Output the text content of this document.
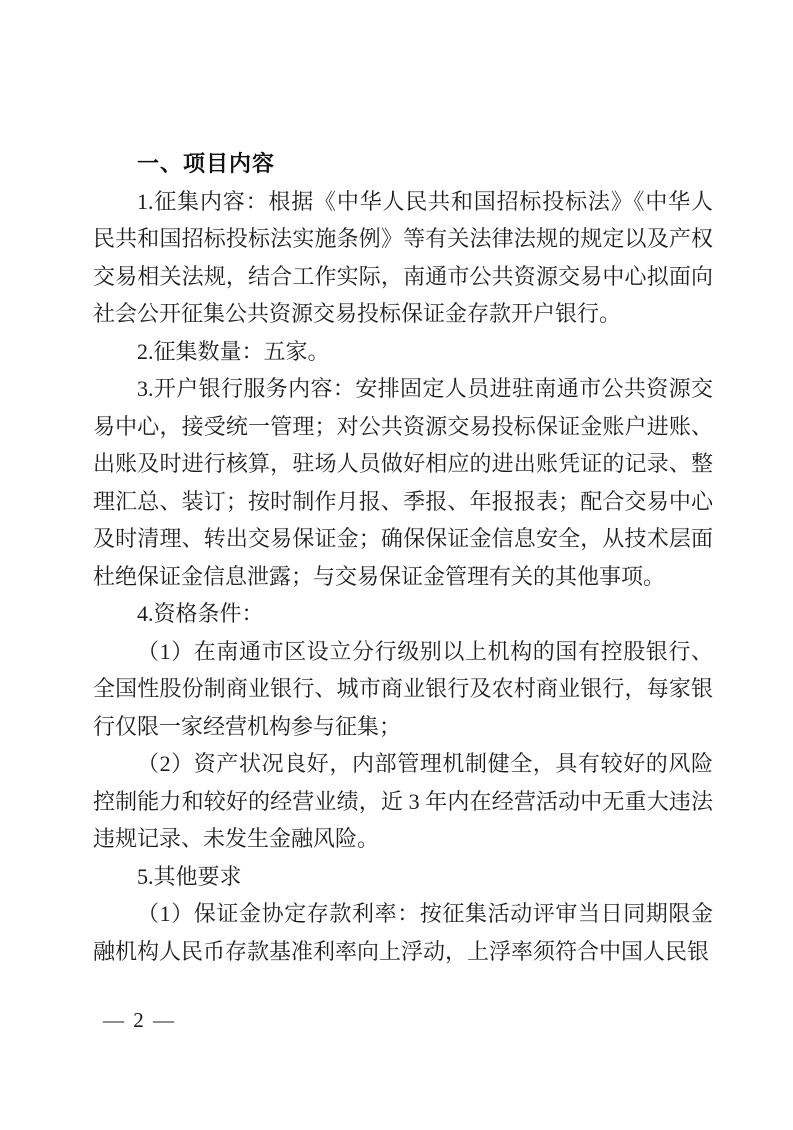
一、项目内容

1.征集内容：根据《中华人民共和国招标投标法》《中华人民共和国招标投标法实施条例》等有关法律法规的规定以及产权交易相关法规，结合工作实际，南通市公共资源交易中心拟面向社会公开征集公共资源交易投标保证金存款开户银行。

2.征集数量：五家。

3.开户银行服务内容：安排固定人员进驻南通市公共资源交易中心，接受统一管理；对公共资源交易投标保证金账户进账、出账及时进行核算，驻场人员做好相应的进出账凭证的记录、整理汇总、装订；按时制作月报、季报、年报报表；配合交易中心及时清理、转出交易保证金；确保保证金信息安全，从技术层面杜绝保证金信息泄露；与交易保证金管理有关的其他事项。

4.资格条件：

（1）在南通市区设立分行级别以上机构的国有控股银行、全国性股份制商业银行、城市商业银行及农村商业银行，每家银行仅限一家经营机构参与征集；

（2）资产状况良好，内部管理机制健全，具有较好的风险控制能力和较好的经营业绩，近 3 年内在经营活动中无重大违法违规记录、未发生金融风险。

5.其他要求

（1）保证金协定存款利率：按征集活动评审当日同期限金融机构人民币存款基准利率向上浮动，上浮率须符合中国人民银

— 2 —
